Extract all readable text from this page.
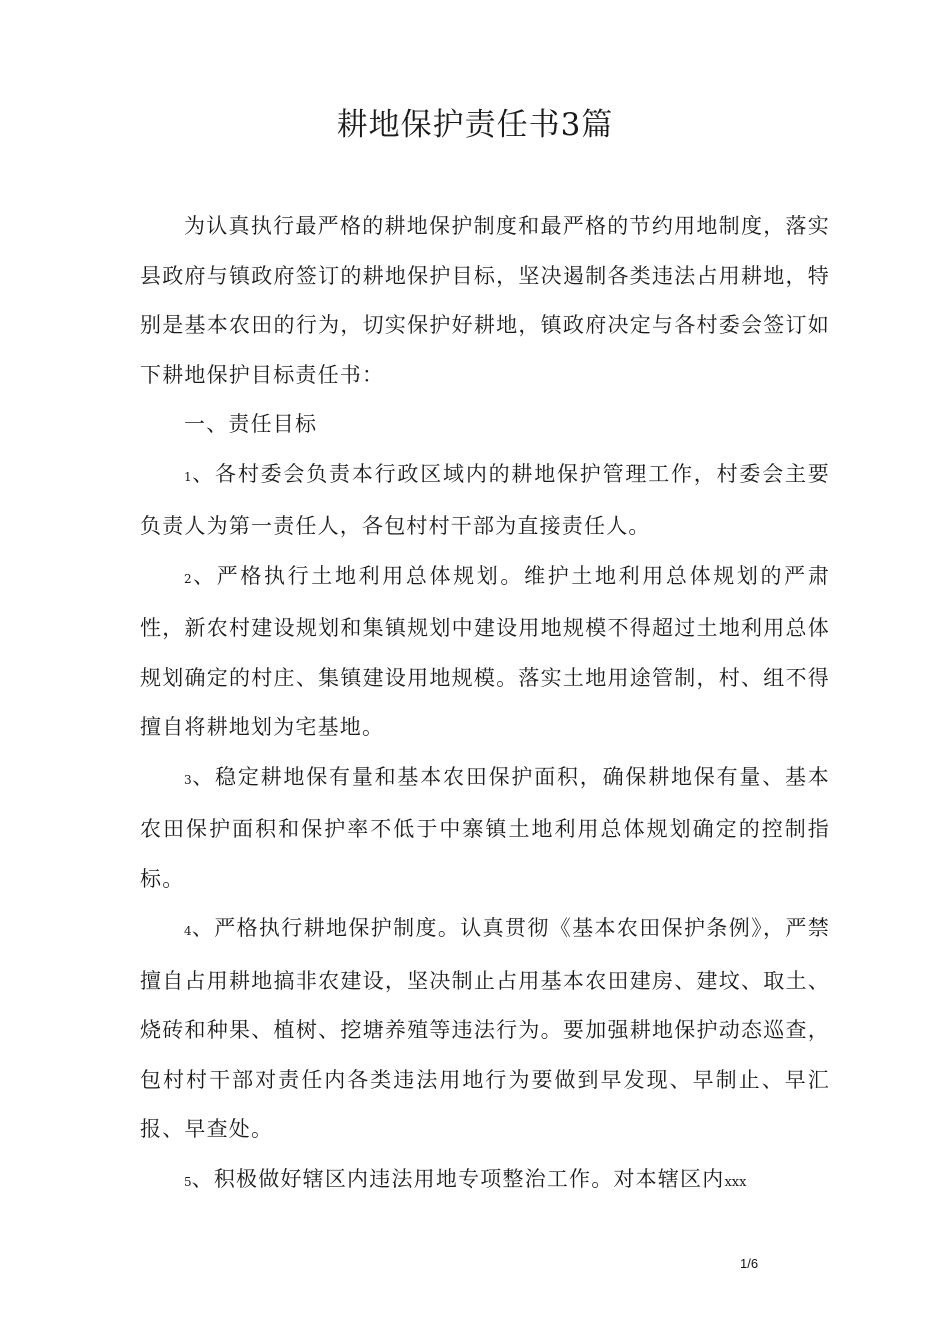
耕地保护责任书3篇

为认真执行最严格的耕地保护制度和最严格的节约用地制度，落实县政府与镇政府签订的耕地保护目标，坚决遏制各类违法占用耕地，特别是基本农田的行为，切实保护好耕地，镇政府决定与各村委会签订如下耕地保护目标责任书：

一、责任目标

1、各村委会负责本行政区域内的耕地保护管理工作，村委会主要负责人为第一责任人，各包村村干部为直接责任人。

2、严格执行土地利用总体规划。维护土地利用总体规划的严肃性，新农村建设规划和集镇规划中建设用地规模不得超过土地利用总体规划确定的村庄、集镇建设用地规模。落实土地用途管制，村、组不得擅自将耕地划为宅基地。

3、稳定耕地保有量和基本农田保护面积，确保耕地保有量、基本农田保护面积和保护率不低于中寨镇土地利用总体规划确定的控制指标。

4、严格执行耕地保护制度。认真贯彻《基本农田保护条例》，严禁擅自占用耕地搞非农建设，坚决制止占用基本农田建房、建坟、取土、烧砖和种果、植树、挖塘养殖等违法行为。要加强耕地保护动态巡查，包村村干部对责任内各类违法用地行为要做到早发现、早制止、早汇报、早查处。

5、积极做好辖区内违法用地专项整治工作。对本辖区内xxx

1/6
